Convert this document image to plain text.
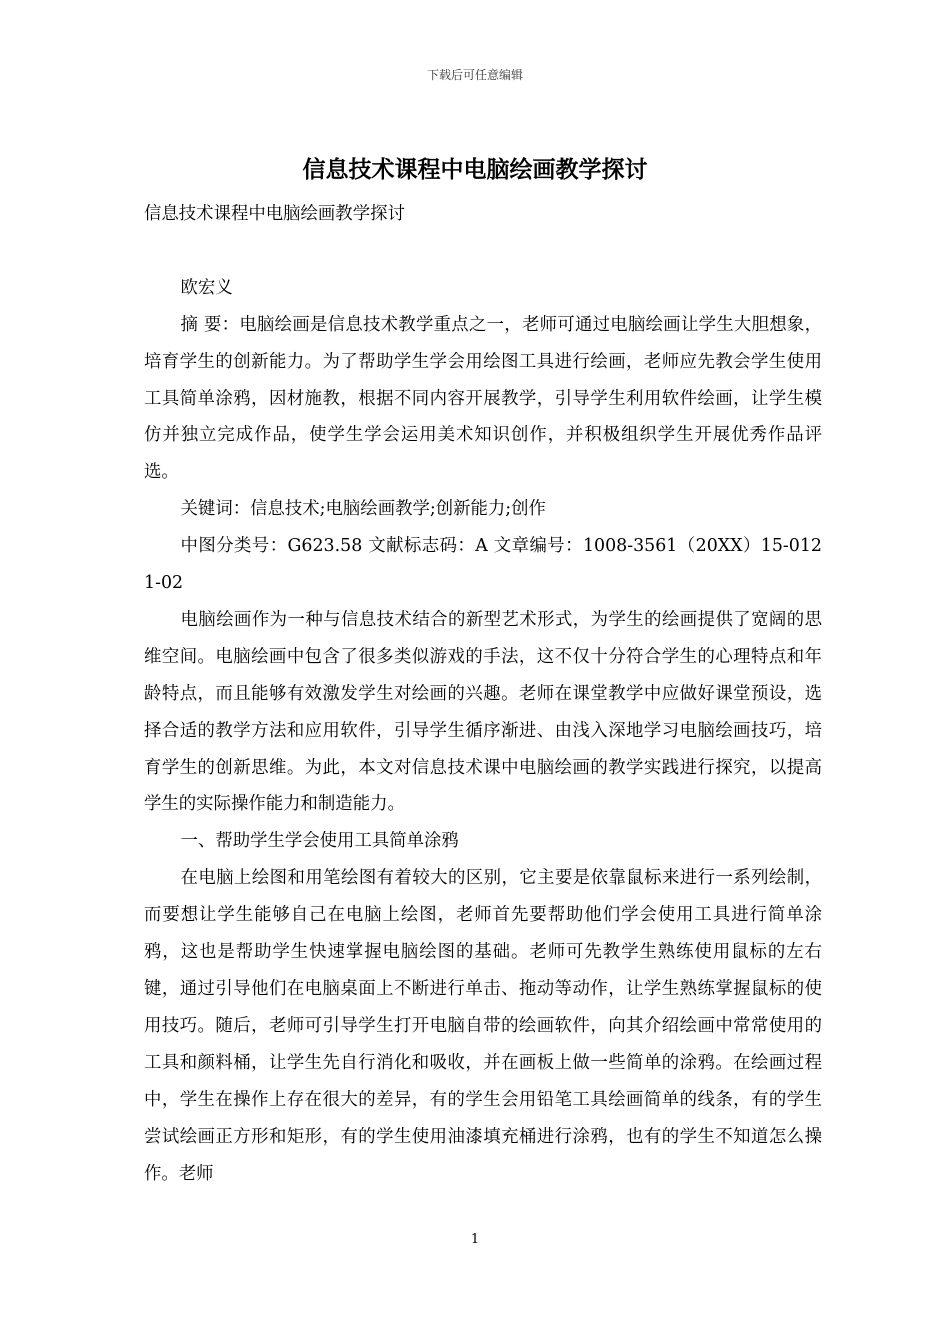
下载后可任意编辑
信息技术课程中电脑绘画教学探讨

信息技术课程中电脑绘画教学探讨

欧宏义

摘 要：电脑绘画是信息技术教学重点之一，老师可通过电脑绘画让学生大胆想象，培育学生的创新能力。为了帮助学生学会用绘图工具进行绘画，老师应先教会学生使用工具简单涂鸦，因材施教，根据不同内容开展教学，引导学生利用软件绘画，让学生模仿并独立完成作品，使学生学会运用美术知识创作，并积极组织学生开展优秀作品评选。

关键词：信息技术;电脑绘画教学;创新能力;创作

中图分类号：G623.58 文献标志码：A 文章编号：1008-3561（20XX）15-0121-02

电脑绘画作为一种与信息技术结合的新型艺术形式，为学生的绘画提供了宽阔的思维空间。电脑绘画中包含了很多类似游戏的手法，这不仅十分符合学生的心理特点和年龄特点，而且能够有效激发学生对绘画的兴趣。老师在课堂教学中应做好课堂预设，选择合适的教学方法和应用软件，引导学生循序渐进、由浅入深地学习电脑绘画技巧，培育学生的创新思维。为此，本文对信息技术课中电脑绘画的教学实践进行探究，以提高学生的实际操作能力和制造能力。

一、帮助学生学会使用工具简单涂鸦

在电脑上绘图和用笔绘图有着较大的区别，它主要是依靠鼠标来进行一系列绘制，而要想让学生能够自己在电脑上绘图，老师首先要帮助他们学会使用工具进行简单涂鸦，这也是帮助学生快速掌握电脑绘图的基础。老师可先教学生熟练使用鼠标的左右键，通过引导他们在电脑桌面上不断进行单击、拖动等动作，让学生熟练掌握鼠标的使用技巧。随后，老师可引导学生打开电脑自带的绘画软件，向其介绍绘画中常常使用的工具和颜料桶，让学生先自行消化和吸收，并在画板上做一些简单的涂鸦。在绘画过程中，学生在操作上存在很大的差异，有的学生会用铅笔工具绘画简单的线条，有的学生尝试绘画正方形和矩形，有的学生使用油漆填充桶进行涂鸦，也有的学生不知道怎么操作。老师

1
